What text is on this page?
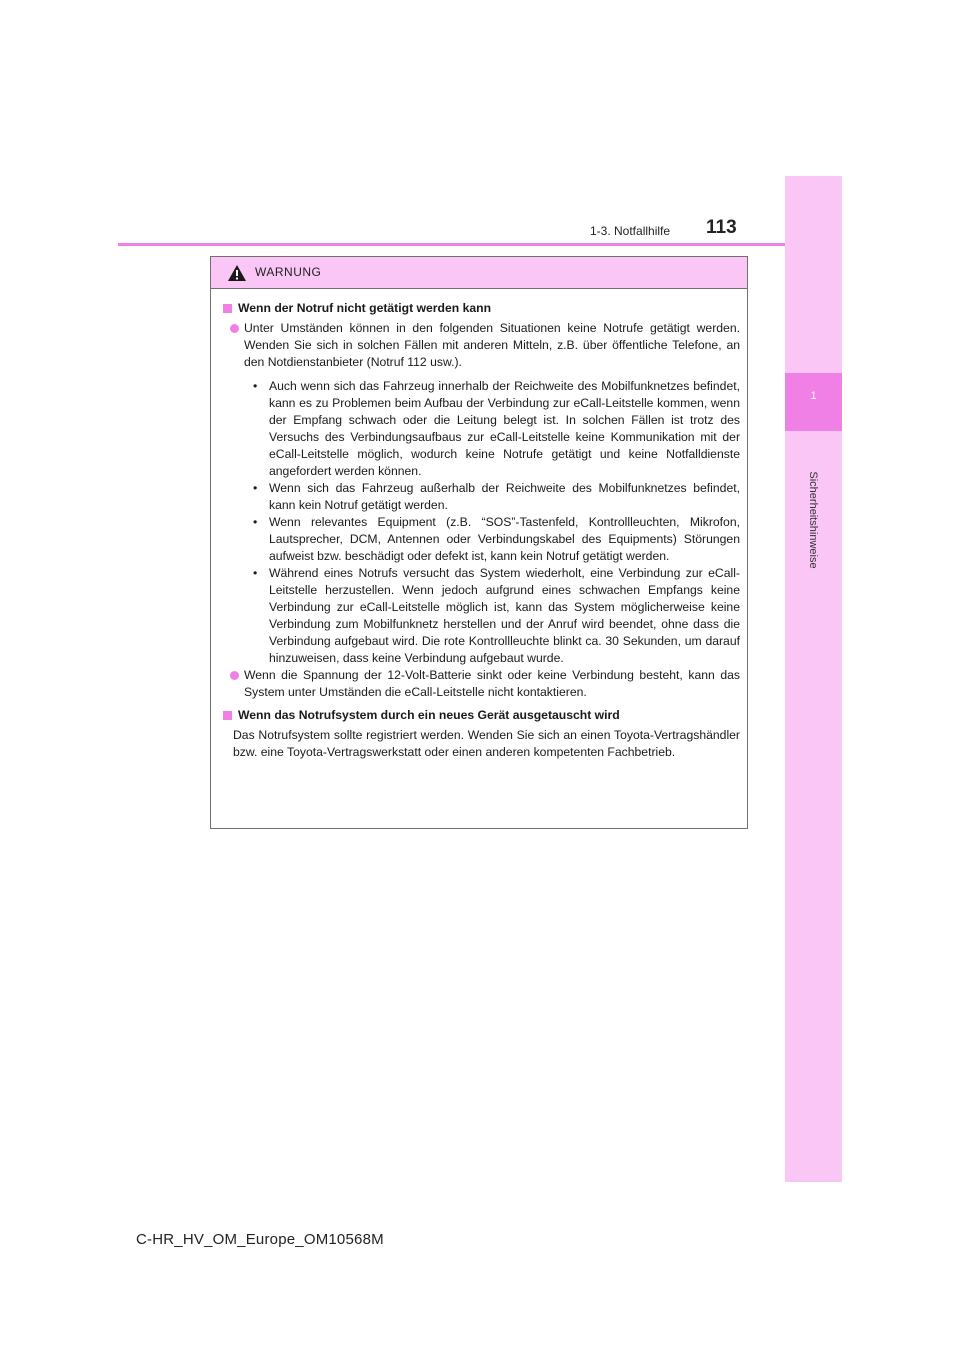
1
Sicherheitshinweise
1-3. Notfallhilfe 113
WARNUNG
Wenn der Notruf nicht getätigt werden kann
Unter Umständen können in den folgenden Situationen keine Notrufe getätigt werden. Wenden Sie sich in solchen Fällen mit anderen Mitteln, z.B. über öffentliche Telefone, an den Notdienstanbieter (Notruf 112 usw.).
• Auch wenn sich das Fahrzeug innerhalb der Reichweite des Mobilfunknetzes befindet, kann es zu Problemen beim Aufbau der Verbindung zur eCall-Leitstelle kommen, wenn der Empfang schwach oder die Leitung belegt ist. In solchen Fällen ist trotz des Versuchs des Verbindungsaufbaus zur eCall-Leitstelle keine Kommunikation mit der eCall-Leitstelle möglich, wodurch keine Notrufe getätigt und keine Notfalldienste angefordert werden können.
• Wenn sich das Fahrzeug außerhalb der Reichweite des Mobilfunknetzes befindet, kann kein Notruf getätigt werden.
• Wenn relevantes Equipment (z.B. “SOS”-Tastenfeld, Kontrollleuchten, Mikrofon, Lautsprecher, DCM, Antennen oder Verbindungskabel des Equipments) Störungen aufweist bzw. beschädigt oder defekt ist, kann kein Notruf getätigt werden.
• Während eines Notrufs versucht das System wiederholt, eine Verbindung zur eCall-Leitstelle herzustellen. Wenn jedoch aufgrund eines schwachen Empfangs keine Verbindung zur eCall-Leitstelle möglich ist, kann das System möglicherweise keine Verbindung zum Mobilfunknetz herstellen und der Anruf wird beendet, ohne dass die Verbindung aufgebaut wird. Die rote Kontrollleuchte blinkt ca. 30 Sekunden, um darauf hinzuweisen, dass keine Verbindung aufgebaut wurde.
Wenn die Spannung der 12-Volt-Batterie sinkt oder keine Verbindung besteht, kann das System unter Umständen die eCall-Leitstelle nicht kontaktieren.
Wenn das Notrufsystem durch ein neues Gerät ausgetauscht wird
Das Notrufsystem sollte registriert werden. Wenden Sie sich an einen Toyota-Vertragshändler bzw. eine Toyota-Vertragswerkstatt oder einen anderen kompetenten Fachbetrieb.
C-HR_HV_OM_Europe_OM10568M
